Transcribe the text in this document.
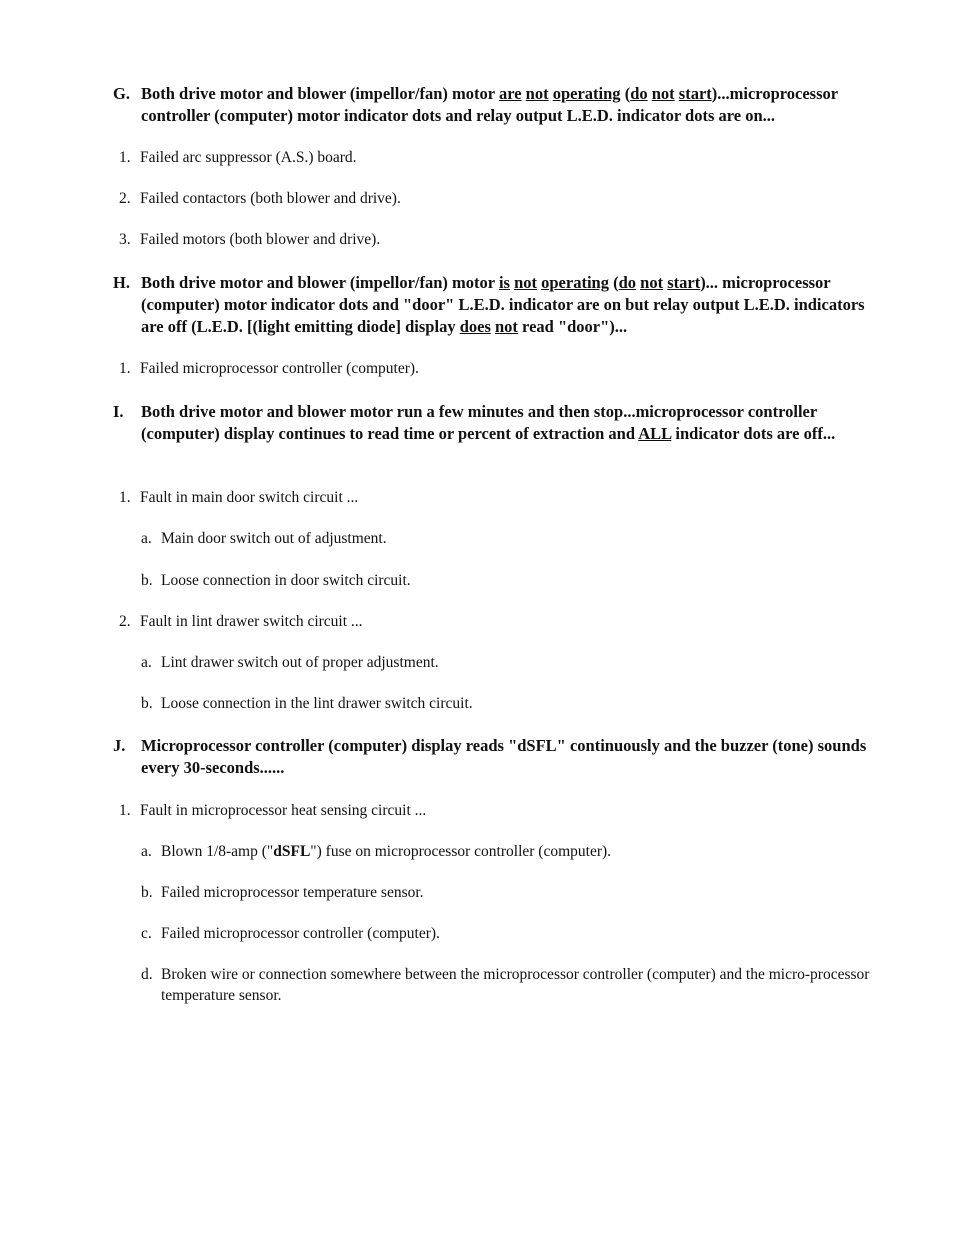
G. Both drive motor and blower (impellor/fan) motor are not operating (do not start)...microprocessor controller (computer) motor indicator dots and relay output L.E.D. indicator dots are on...
1. Failed arc suppressor (A.S.) board.
2. Failed contactors (both blower and drive).
3. Failed motors (both blower and drive).
H. Both drive motor and blower (impellor/fan) motor is not operating (do not start)... microprocessor (computer) motor indicator dots and "door" L.E.D. indicator are on but relay output L.E.D. indicators are off (L.E.D. [(light emitting diode] display does not read "door")...
1. Failed microprocessor controller (computer).
I.	Both drive motor and blower motor run a few minutes and then stop...microprocessor controller (computer) display continues to read time or percent of extraction and ALL indicator dots are off...
1. Fault in main door switch circuit ...
a. Main door switch out of adjustment.
b. Loose connection in door switch circuit.
2. Fault in lint drawer switch circuit ...
a. Lint drawer switch out of proper adjustment.
b. Loose connection in the lint drawer switch circuit.
J. Microprocessor controller (computer) display reads "dSFL" continuously and the buzzer (tone) sounds every 30-seconds......
1. Fault in microprocessor heat sensing circuit ...
a. Blown 1/8-amp ("dSFL") fuse on microprocessor controller (computer).
b. Failed microprocessor temperature sensor.
c. Failed microprocessor controller (computer).
d. Broken wire or connection somewhere between the microprocessor controller (computer) and the micro-processor temperature sensor.
